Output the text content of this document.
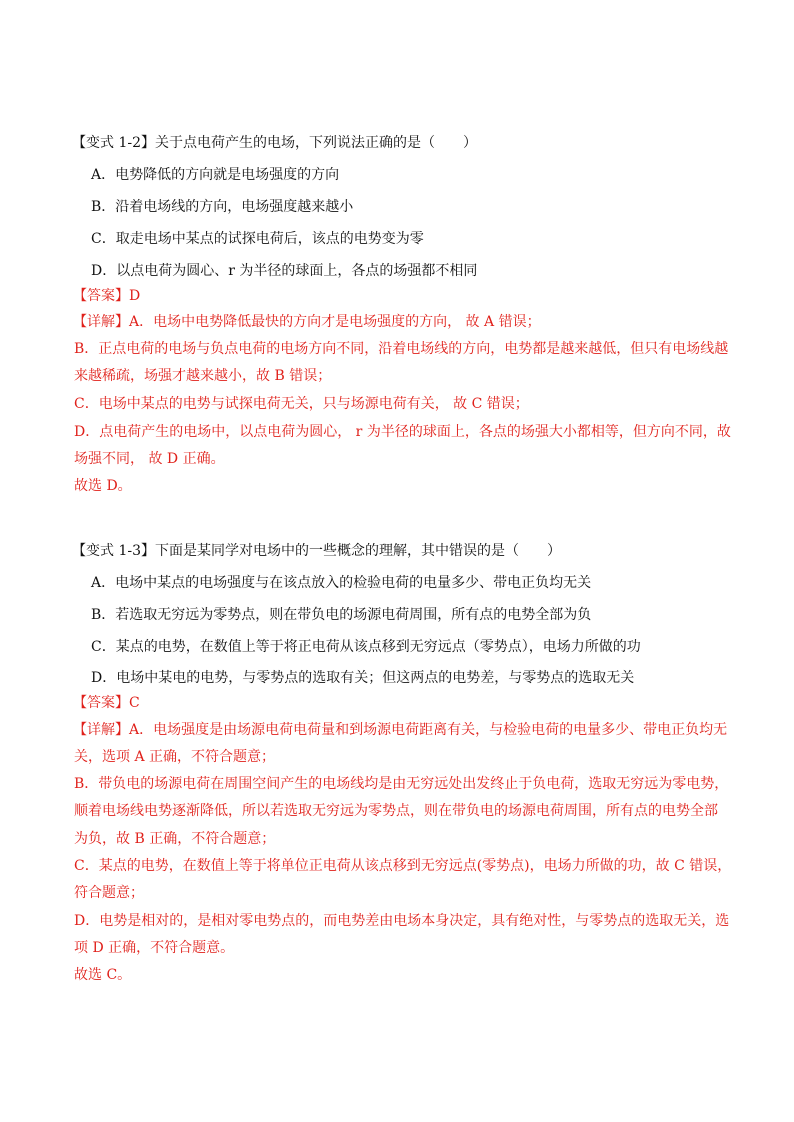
【变式 1-2】关于点电荷产生的电场，下列说法正确的是（　　）
A．电势降低的方向就是电场强度的方向
B．沿着电场线的方向，电场强度越来越小
C．取走电场中某点的试探电荷后，该点的电势变为零
D．以点电荷为圆心、r 为半径的球面上，各点的场强都不相同
【答案】D
【详解】A．电场中电势降低最快的方向才是电场强度的方向， 故 A 错误；
B．正点电荷的电场与负点电荷的电场方向不同，沿着电场线的方向，电势都是越来越低，但只有电场线越
来越稀疏，场强才越来越小，故 B 错误；
C．电场中某点的电势与试探电荷无关，只与场源电荷有关， 故 C 错误；
D．点电荷产生的电场中，以点电荷为圆心， r 为半径的球面上，各点的场强大小都相等，但方向不同，故
场强不同， 故 D 正确。
故选 D。
【变式 1-3】下面是某同学对电场中的一些概念的理解，其中错误的是（　　）
A．电场中某点的电场强度与在该点放入的检验电荷的电量多少、带电正负均无关
B．若选取无穷远为零势点，则在带负电的场源电荷周围，所有点的电势全部为负
C．某点的电势，在数值上等于将正电荷从该点移到无穷远点（零势点），电场力所做的功
D．电场中某电的电势，与零势点的选取有关；但这两点的电势差，与零势点的选取无关
【答案】C
【详解】A．电场强度是由场源电荷电荷量和到场源电荷距离有关，与检验电荷的电量多少、带电正负均无
关，选项 A 正确，不符合题意；
B．带负电的场源电荷在周围空间产生的电场线均是由无穷远处出发终止于负电荷，选取无穷远为零电势，
顺着电场线电势逐渐降低，所以若选取无穷远为零势点，则在带负电的场源电荷周围，所有点的电势全部
为负，故 B 正确，不符合题意；
C．某点的电势，在数值上等于将单位正电荷从该点移到无穷远点(零势点)，电场力所做的功，故 C 错误，
符合题意；
D．电势是相对的，是相对零电势点的，而电势差由电场本身决定，具有绝对性，与零势点的选取无关，选
项 D 正确，不符合题意。
故选 C。
